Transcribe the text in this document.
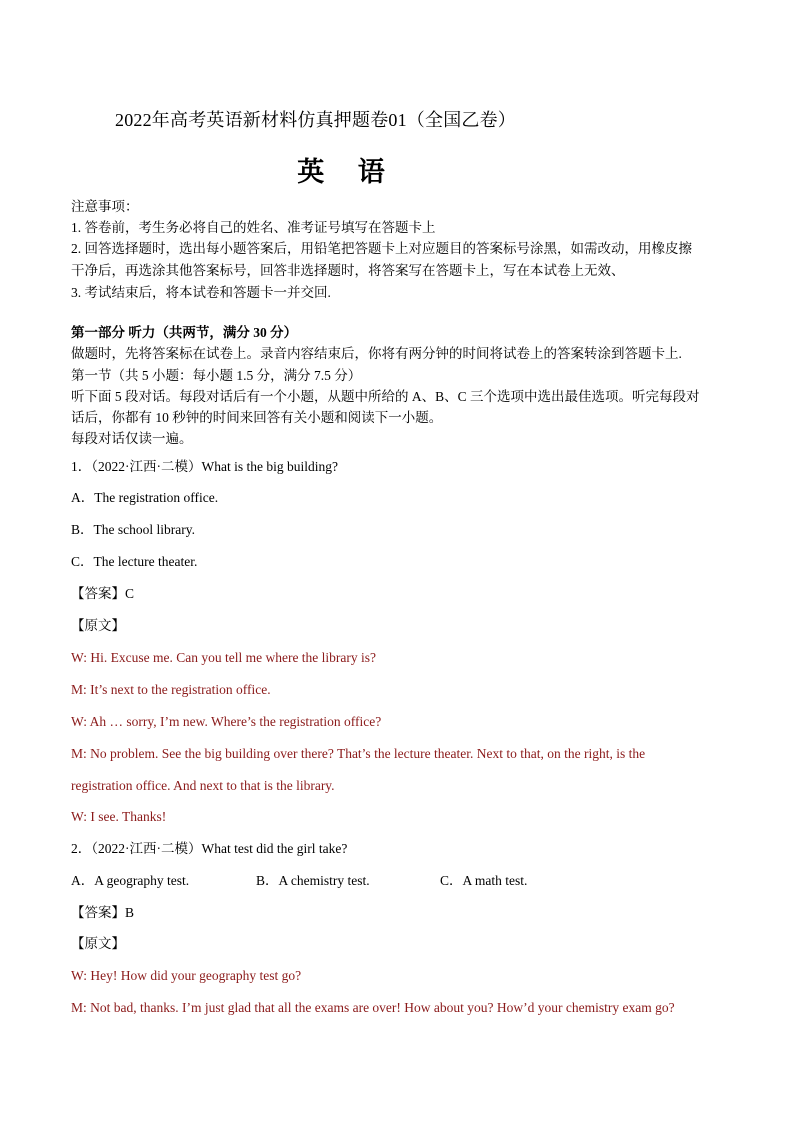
2022年高考英语新材料仿真押题卷01（全国乙卷）
英 语
注意事项：
1. 答卷前，考生务必将自己的姓名、准考证号填写在答题卡上
2. 回答选择题时，选出每小题答案后，用铅笔把答题卡上对应题目的答案标号涂黑，如需改动，用橡皮擦
干净后，再选涂其他答案标号，回答非选择题时，将答案写在答题卡上，写在本试卷上无效、
3. 考试结束后，将本试卷和答题卡一并交回.
第一部分 听力（共两节，满分 30 分）
做题时，先将答案标在试卷上。录音内容结束后，你将有两分钟的时间将试卷上的答案转涂到答题卡上.
第一节（共 5 小题：每小题 1.5 分，满分 7.5 分）
听下面 5 段对话。每段对话后有一个小题，从题中所给的 A、B、C 三个选项中选出最佳选项。听完每段对
话后，你都有 10 秒钟的时间来回答有关小题和阅读下一小题。
每段对话仅读一遍。
1．（2022·江西·二模）What is the big building?
A．The registration office.
B．The school library.
C．The lecture theater.
【答案】C
【原文】
W: Hi. Excuse me. Can you tell me where the library is?
M: It’s next to the registration office.
W: Ah … sorry, I’m new. Where’s the registration office?
M: No problem. See the big building over there? That’s the lecture theater. Next to that, on the right, is the
registration office. And next to that is the library.
W: I see. Thanks!
2．（2022·江西·二模）What test did the girl take?
A．A geography test.	B．A chemistry test.	C．A math test.
【答案】B
【原文】
W: Hey! How did your geography test go?
M: Not bad, thanks. I’m just glad that all the exams are over! How about you? How’d your chemistry exam go?
